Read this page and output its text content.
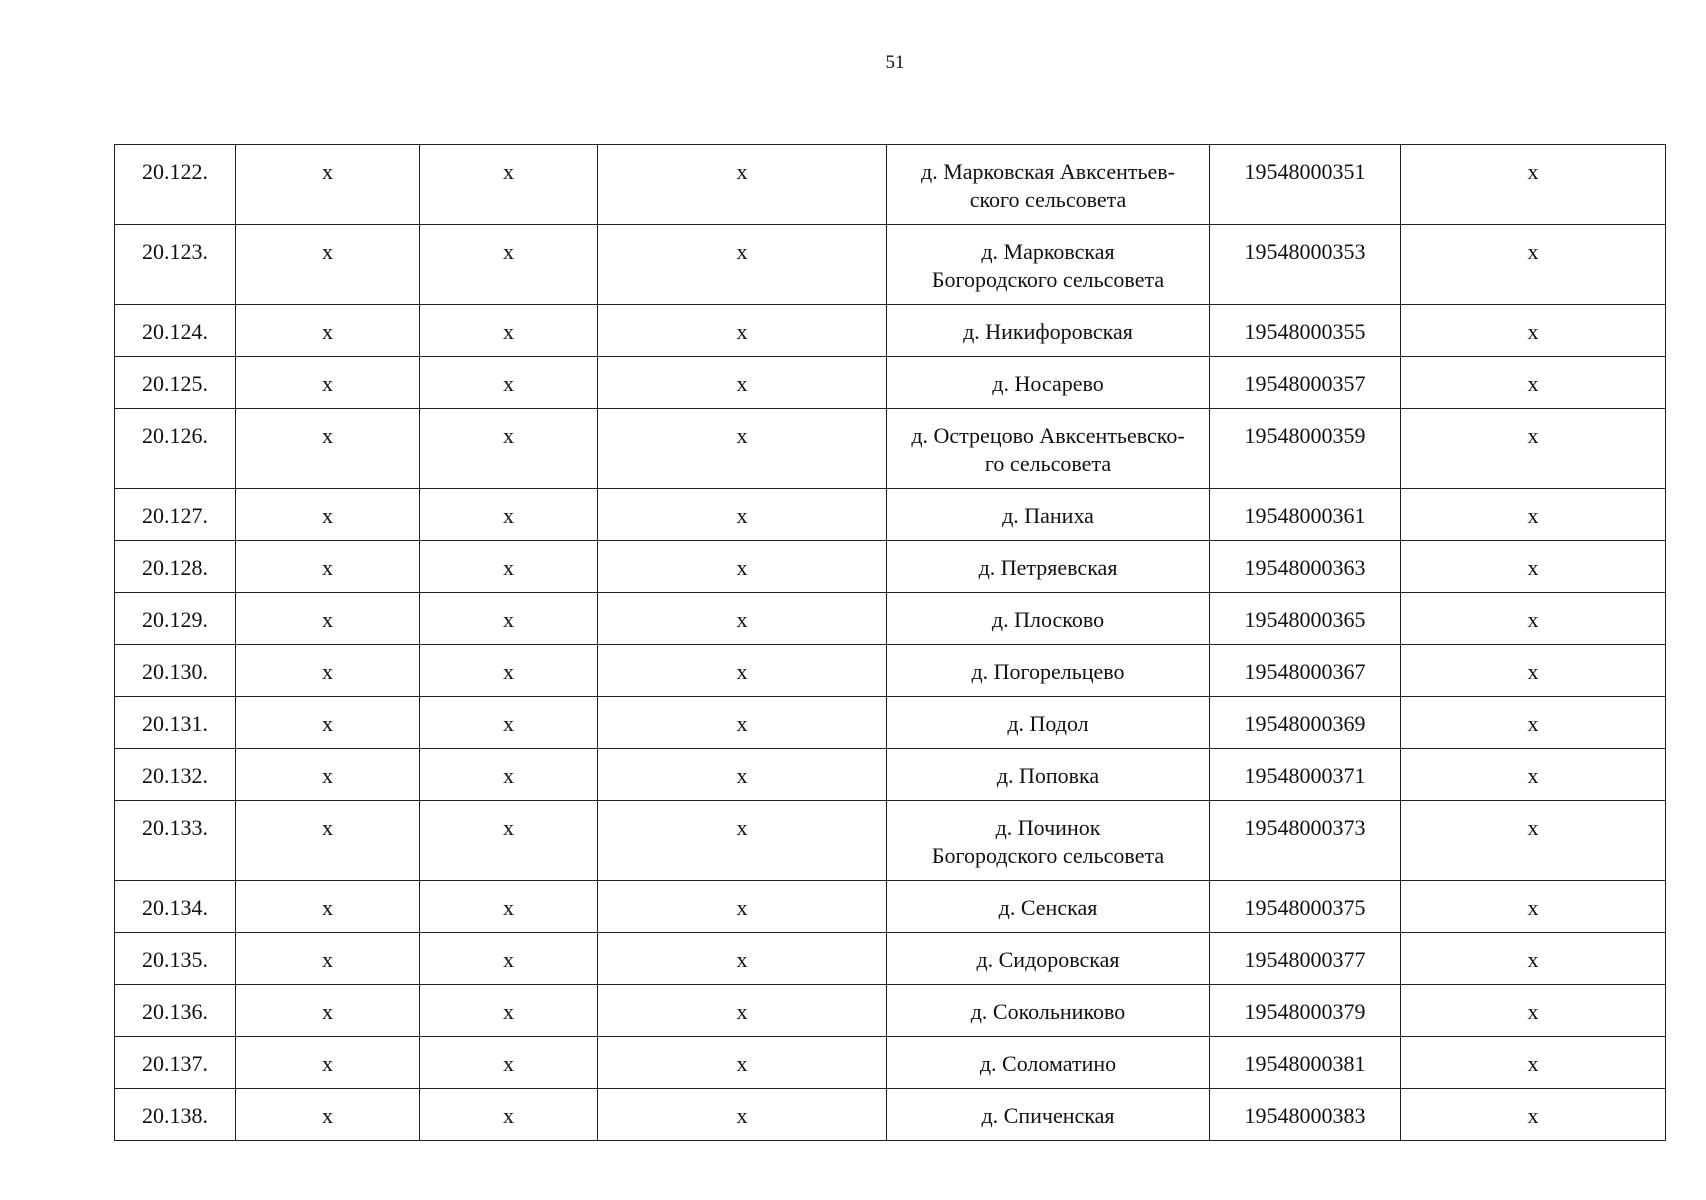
51
20.122.	x	x	x	д. Марковская Авксентьев-
ского сельсовета	19548000351	x
20.123.	x	x	x	д. Марковская
Богородского сельсовета	19548000353	x
20.124.	x	x	x	д. Никифоровская	19548000355	x
20.125.	x	x	x	д. Носарево	19548000357	x
20.126.	x	x	x	д. Острецово Авксентьевско-
го сельсовета	19548000359	x
20.127.	x	x	x	д. Паниха	19548000361	x
20.128.	x	x	x	д. Петряевская	19548000363	x
20.129.	x	x	x	д. Плосково	19548000365	x
20.130.	x	x	x	д. Погорельцево	19548000367	x
20.131.	x	x	x	д. Подол	19548000369	x
20.132.	x	x	x	д. Поповка	19548000371	x
20.133.	x	x	x	д. Починок
Богородского сельсовета	19548000373	x
20.134.	x	x	x	д. Сенская	19548000375	x
20.135.	x	x	x	д. Сидоровская	19548000377	x
20.136.	x	x	x	д. Сокольниково	19548000379	x
20.137.	x	x	x	д. Соломатино	19548000381	x
20.138.	x	x	x	д. Спиченская	19548000383	x
